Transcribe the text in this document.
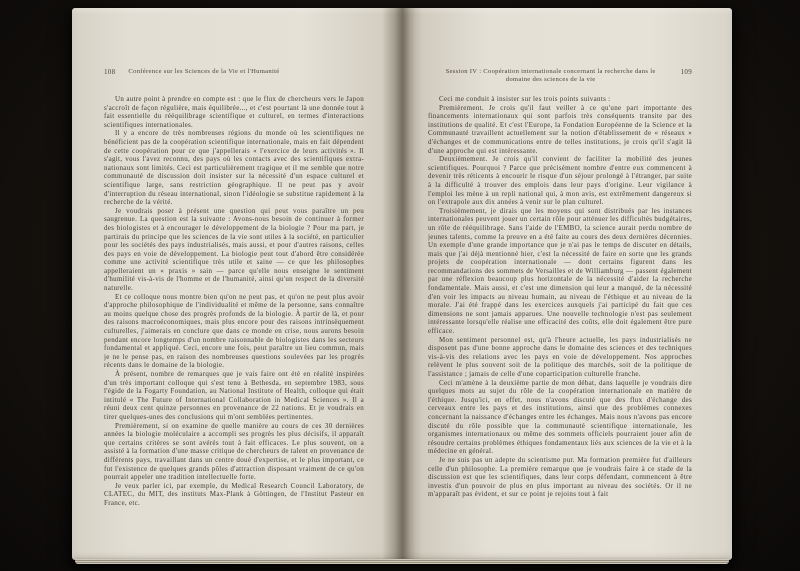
108 Conférence sur les Sciences de la Vie et l'Humanité

Un autre point à prendre en compte est : que le flux de chercheurs vers le Japon s'accroît de façon régulière, mais équilibrée..., et c'est pourtant là une donnée tout à fait essentielle du rééquilibrage scientifique et culturel, en termes d'interactions scientifiques internationales.

Il y a encore de très nombreuses régions du monde où les scientifiques ne bénéficient pas de la coopération scientifique internationale, mais en fait dépendent de cette coopération pour ce que j'appellerais « l'exercice de leurs activités ». Il s'agit, vous l'avez reconnu, des pays où les contacts avec des scientifiques extra-nationaux sont limités. Ceci est particulièrement tragique et il me semble que notre communauté de discussion doit insister sur la nécessité d'un espace culturel et scientifique large, sans restriction géographique. Il ne peut pas y avoir d'interruption du réseau international, sinon l'idéologie se substitue rapidement à la recherche de la vérité.

Je voudrais poser à présent une question qui peut vous paraître un peu saugrenue. La question est la suivante : Avons-nous besoin de continuer à former des biologistes et à encourager le développement de la biologie ? Pour ma part, je partirais du principe que les sciences de la vie sont utiles à la société, en particulier pour les sociétés des pays industrialisés, mais aussi, et pour d'autres raisons, celles des pays en voie de développement. La biologie peut tout d'abord être considérée comme une activité scientifique très utile et saine — ce que les philosophes appelleraient un « praxis » sain — parce qu'elle nous enseigne le sentiment d'humilité vis-à-vis de l'homme et de l'humanité, ainsi qu'un respect de la diversité naturelle.

Et ce colloque nous montre bien qu'on ne peut pas, et qu'on ne peut plus avoir d'approche philosophique de l'individualité et même de la personne, sans connaître au moins quelque chose des progrès profonds de la biologie. À partir de là, et pour des raisons macroéconomiques, mais plus encore pour des raisons intrinsèquement culturelles, j'aimerais en conclure que dans ce monde en crise, nous aurons besoin pendant encore longtemps d'un nombre raisonnable de biologistes dans les secteurs fondamental et appliqué. Ceci, encore une fois, peut paraître un lieu commun, mais je ne le pense pas, en raison des nombreuses questions soulevées par les progrès récents dans le domaine de la biologie.

À présent, nombre de remarques que je vais faire ont été en réalité inspirées d'un très important colloque qui s'est tenu à Bethesda, en septembre 1983, sous l'égide de la Fogarty Foundation, au National Institute of Health, colloque qui était intitulé « The Future of International Collaboration in Medical Sciences ». Il a réuni deux cent quinze personnes en provenance de 22 nations. Et je voudrais en tirer quelques-unes des conclusions qui m'ont semblées pertinentes.

Premièrement, si on examine de quelle manière au cours de ces 30 dernières années la biologie moléculaire a accompli ses progrès les plus décisifs, il apparaît que certains critères se sont avérés tout à fait efficaces. Le plus souvent, on a assisté à la formation d'une masse critique de chercheurs de talent en provenance de différents pays, travaillant dans un centre doué d'expertise, et le plus important, ce fut l'existence de quelques grands pôles d'attraction disposant vraiment de ce qu'on pourrait appeler une tradition intellectuelle forte.

Je veux parler ici, par exemple, du Medical Research Council Laboratory, de CLATEC, du MIT, des instituts Max-Plank à Göttingen, de l'Institut Pasteur en France, etc.

Session IV : Coopération internationale concernant la recherche dans le domaine des sciences de la vie
109

Ceci me conduit à insister sur les trois points suivants :

Premièrement. Je crois qu'il faut veiller à ce qu'une part importante des financements internationaux qui sont parfois très conséquents transite par des institutions de qualité. Et c'est l'Europe, la Fondation Européenne de la Science et la Communauté travaillent actuellement sur la notion d'établissement de « réseaux » d'échanges et de communications entre de telles institutions, je crois qu'il s'agit là d'une approche qui est intéressante.

Deuxièmement. Je crois qu'il convient de faciliter la mobilité des jeunes scientifiques. Pourquoi ? Parce que précisément nombre d'entre eux commencent à devenir très réticents à encourir le risque d'un séjour prolongé à l'étranger, par suite à la difficulté à trouver des emplois dans leur pays d'origine. Leur vigilance à l'emploi les mène à un repli national qui, à mon avis, est extrêmement dangereux si on l'extrapole aux dix années à venir sur le plan culturel.

Troisièmement, je dirais que les moyens qui sont distribués par les instances internationales peuvent jouer un certain rôle pour atténuer les difficultés budgétaires, un rôle de rééquilibrage. Sans l'aide de l'EMBO, la science aurait perdu nombre de jeunes talents, comme la preuve en a été faite au cours des deux dernières décennies. Un exemple d'une grande importance que je n'ai pas le temps de discuter en détails, mais que j'ai déjà mentionné hier, c'est la nécessité de faire en sorte que les grands projets de coopération internationale — dont certains figurent dans les recommandations des sommets de Versailles et de Williamburg — passent également par une réflexion beaucoup plus horizontale de la nécessité d'aider la recherche fondamentale. Mais aussi, et c'est une dimension qui leur a manqué, de la nécessité d'en voir les impacts au niveau humain, au niveau de l'éthique et au niveau de la morale. J'ai été frappé dans les exercices auxquels j'ai participé du fait que ces dimensions ne sont jamais apparues. Une nouvelle technologie n'est pas seulement intéressante lorsqu'elle réalise une efficacité des coûts, elle doit également être pure efficace.

Mon sentiment personnel est, qu'à l'heure actuelle, les pays industrialisés ne disposent pas d'une bonne approche dans le domaine des sciences et des techniques vis-à-vis des relations avec les pays en voie de développement. Nos approches relèvent le plus souvent soit de la politique des marchés, soit de la politique de l'assistance ; jamais de celle d'une coparticipation culturelle franche.

Ceci m'amène à la deuxième partie de mon débat, dans laquelle je voudrais dire quelques mots au sujet du rôle de la coopération internationale en matière de l'éthique. Jusqu'ici, en effet, nous n'avons discuté que des flux d'échange des cerveaux entre les pays et des institutions, ainsi que des problèmes connexes concernant la naissance d'échanges entre les échanges. Mais nous n'avons pas encore discuté du rôle possible que la communauté scientifique internationale, les organismes internationaux ou même des sommets officiels pourraient jouer afin de résoudre certains problèmes éthiques fondamentaux liés aux sciences de la vie et à la médecine en général.

Je ne suis pas un adepte du scientisme pur. Ma formation première fut d'ailleurs celle d'un philosophe. La première remarque que je voudrais faire à ce stade de la discussion est que les scientifiques, dans leur corps défendant, commencent à être investis d'un pouvoir de plus en plus important au niveau des sociétés. Or il ne m'apparaît pas évident, et sur ce point je rejoins tout à fait
